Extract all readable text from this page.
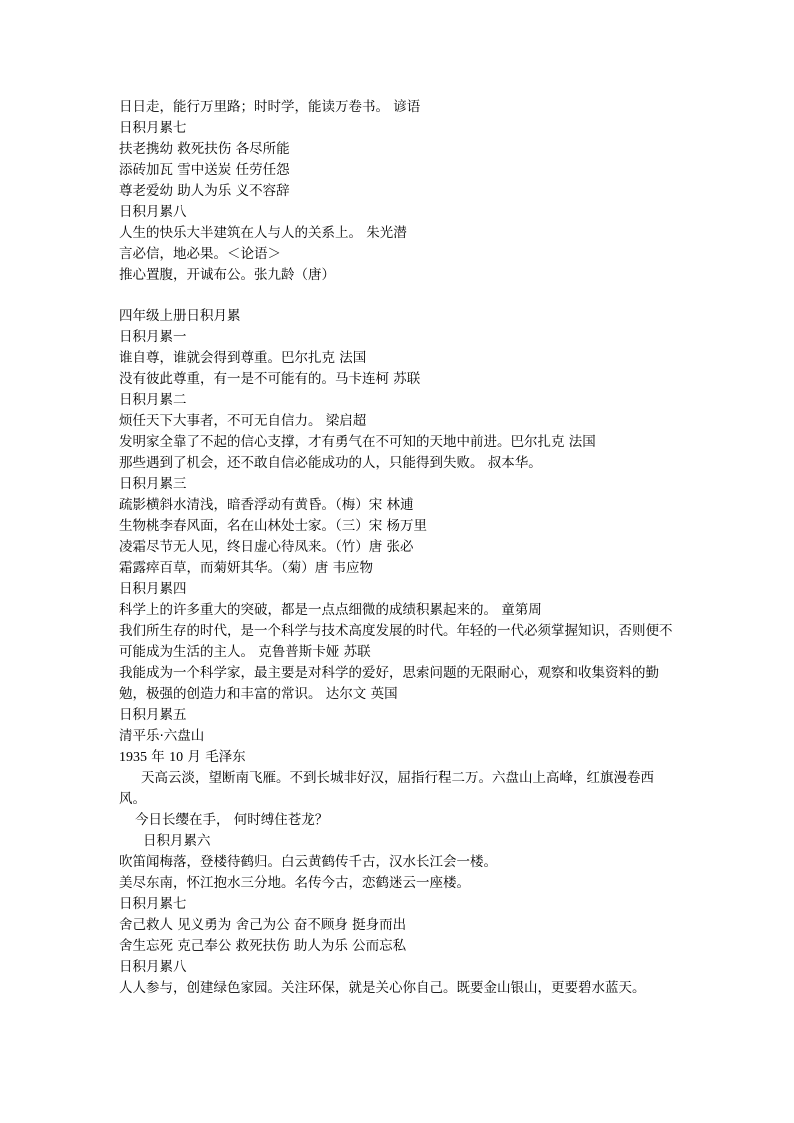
日日走，能行万里路；时时学，能读万卷书。 谚语
日积月累七
扶老携幼 救死扶伤 各尽所能
添砖加瓦 雪中送炭 任劳任怨
尊老爱幼 助人为乐 义不容辞
日积月累八
人生的快乐大半建筑在人与人的关系上。 朱光潜
言必信，地必果。＜论语＞
推心置腹，开诚布公。张九龄（唐）
四年级上册日积月累
日积月累一
谁自尊，谁就会得到尊重。巴尔扎克 法国
没有彼此尊重，有一是不可能有的。马卡连柯 苏联
日积月累二
烦任天下大事者，不可无自信力。 梁启超
发明家全靠了不起的信心支撑，才有勇气在不可知的天地中前进。巴尔扎克 法国
那些遇到了机会，还不敢自信必能成功的人，只能得到失败。 叔本华。
日积月累三
疏影横斜水清浅，暗香浮动有黄昏。（梅）宋 林逋
生物桃李春风面，名在山林处士家。（三）宋 杨万里
凌霜尽节无人见，终日虚心待凤来。（竹）唐 张必
霜露瘁百草，而菊妍其华。（菊）唐 韦应物
日积月累四
科学上的许多重大的突破，都是一点点细微的成绩积累起来的。 童第周
我们所生存的时代，是一个科学与技术高度发展的时代。年轻的一代必须掌握知识，否则便不可能成为生活的主人。 克鲁普斯卡娅 苏联
我能成为一个科学家，最主要是对科学的爱好，思索问题的无限耐心，观察和收集资料的勤勉，极强的创造力和丰富的常识。 达尔文 英国
日积月累五
清平乐·六盘山
1935 年 10 月 毛泽东
天高云淡，望断南飞雁。不到长城非好汉，屈指行程二万。六盘山上高峰，红旗漫卷西风。
今日长缨在手， 何时缚住苍龙？
日积月累六
吹笛闻梅落，登楼待鹤归。白云黄鹤传千古，汉水长江会一楼。
美尽东南，怀江抱水三分地。名传今古，恋鹤迷云一座楼。
日积月累七
舍己救人 见义勇为 舍己为公 奋不顾身 挺身而出
舍生忘死 克己奉公 救死扶伤 助人为乐 公而忘私
日积月累八
人人参与，创建绿色家园。关注环保，就是关心你自己。既要金山银山，更要碧水蓝天。
